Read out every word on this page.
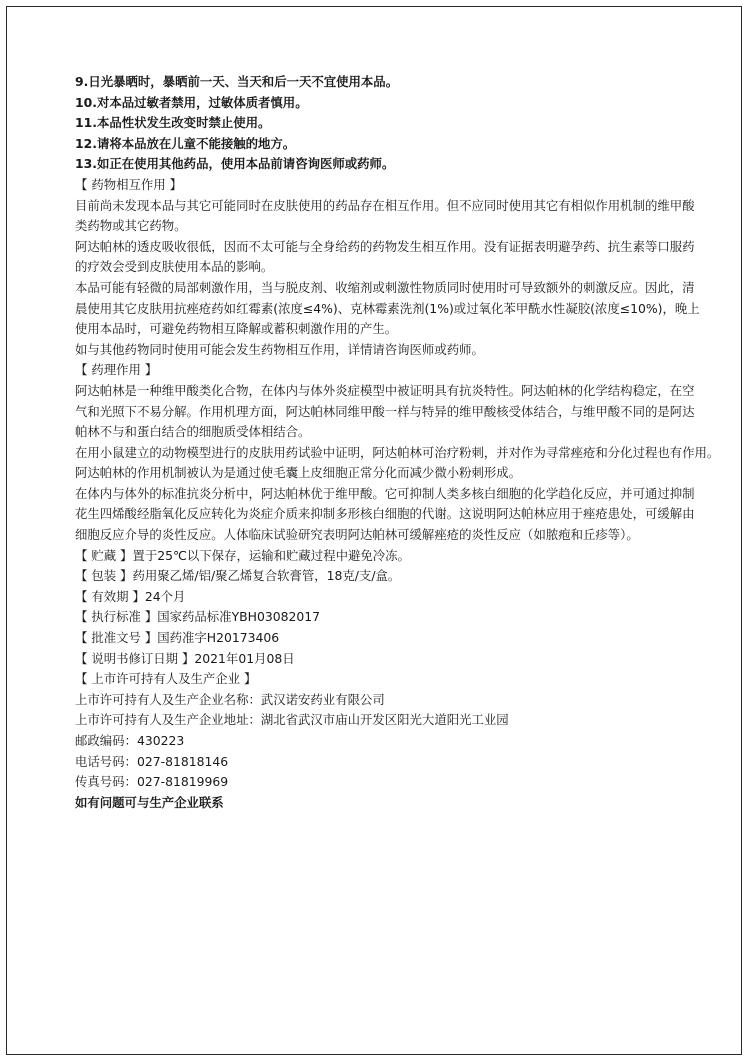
9.日光暴晒时，暴晒前一天、当天和后一天不宜使用本品。
10.对本品过敏者禁用，过敏体质者慎用。
11.本品性状发生改变时禁止使用。
12.请将本品放在儿童不能接触的地方。
13.如正在使用其他药品，使用本品前请咨询医师或药师。
【 药物相互作用 】
目前尚未发现本品与其它可能同时在皮肤使用的药品存在相互作用。但不应同时使用其它有相似作用机制的维甲酸
类药物或其它药物。
阿达帕林的透皮吸收很低，因而不太可能与全身给药的药物发生相互作用。没有证据表明避孕药、抗生素等口服药
的疗效会受到皮肤使用本品的影响。
本品可能有轻微的局部刺激作用，当与脱皮剂、收缩剂或刺激性物质同时使用时可导致额外的刺激反应。因此，清
晨使用其它皮肤用抗痤疮药如红霉素(浓度≤4%)、克林霉素洗剂(1%)或过氧化苯甲酰水性凝胶(浓度≤10%)，晚上
使用本品时，可避免药物相互降解或蓄积刺激作用的产生。
如与其他药物同时使用可能会发生药物相互作用，详情请咨询医师或药师。
【 药理作用 】
阿达帕林是一种维甲酸类化合物，在体内与体外炎症模型中被证明具有抗炎特性。阿达帕林的化学结构稳定，在空
气和光照下不易分解。作用机理方面，阿达帕林同维甲酸一样与特异的维甲酸核受体结合，与维甲酸不同的是阿达
帕林不与和蛋白结合的细胞质受体相结合。
在用小鼠建立的动物模型进行的皮肤用药试验中证明，阿达帕林可治疗粉刺，并对作为寻常痤疮和分化过程也有作用。
阿达帕林的作用机制被认为是通过使毛囊上皮细胞正常分化而减少微小粉刺形成。
在体内与体外的标准抗炎分析中，阿达帕林优于维甲酸。它可抑制人类多核白细胞的化学趋化反应，并可通过抑制
花生四烯酸经脂氧化反应转化为炎症介质来抑制多形核白细胞的代谢。这说明阿达帕林应用于痤疮患处，可缓解由
细胞反应介导的炎性反应。人体临床试验研究表明阿达帕林可缓解痤疮的炎性反应（如脓疱和丘疹等）。
【 贮藏 】置于25℃以下保存，运输和贮藏过程中避免冷冻。
【 包装 】药用聚乙烯/铝/聚乙烯复合软膏管，18克/支/盒。
【 有效期 】24个月
【 执行标准 】国家药品标准YBH03082017
【 批准文号 】国药准字H20173406
【 说明书修订日期 】2021年01月08日
【 上市许可持有人及生产企业 】
上市许可持有人及生产企业名称：武汉诺安药业有限公司
上市许可持有人及生产企业地址：湖北省武汉市庙山开发区阳光大道阳光工业园
邮政编码：430223
电话号码：027-81818146
传真号码：027-81819969
如有问题可与生产企业联系
